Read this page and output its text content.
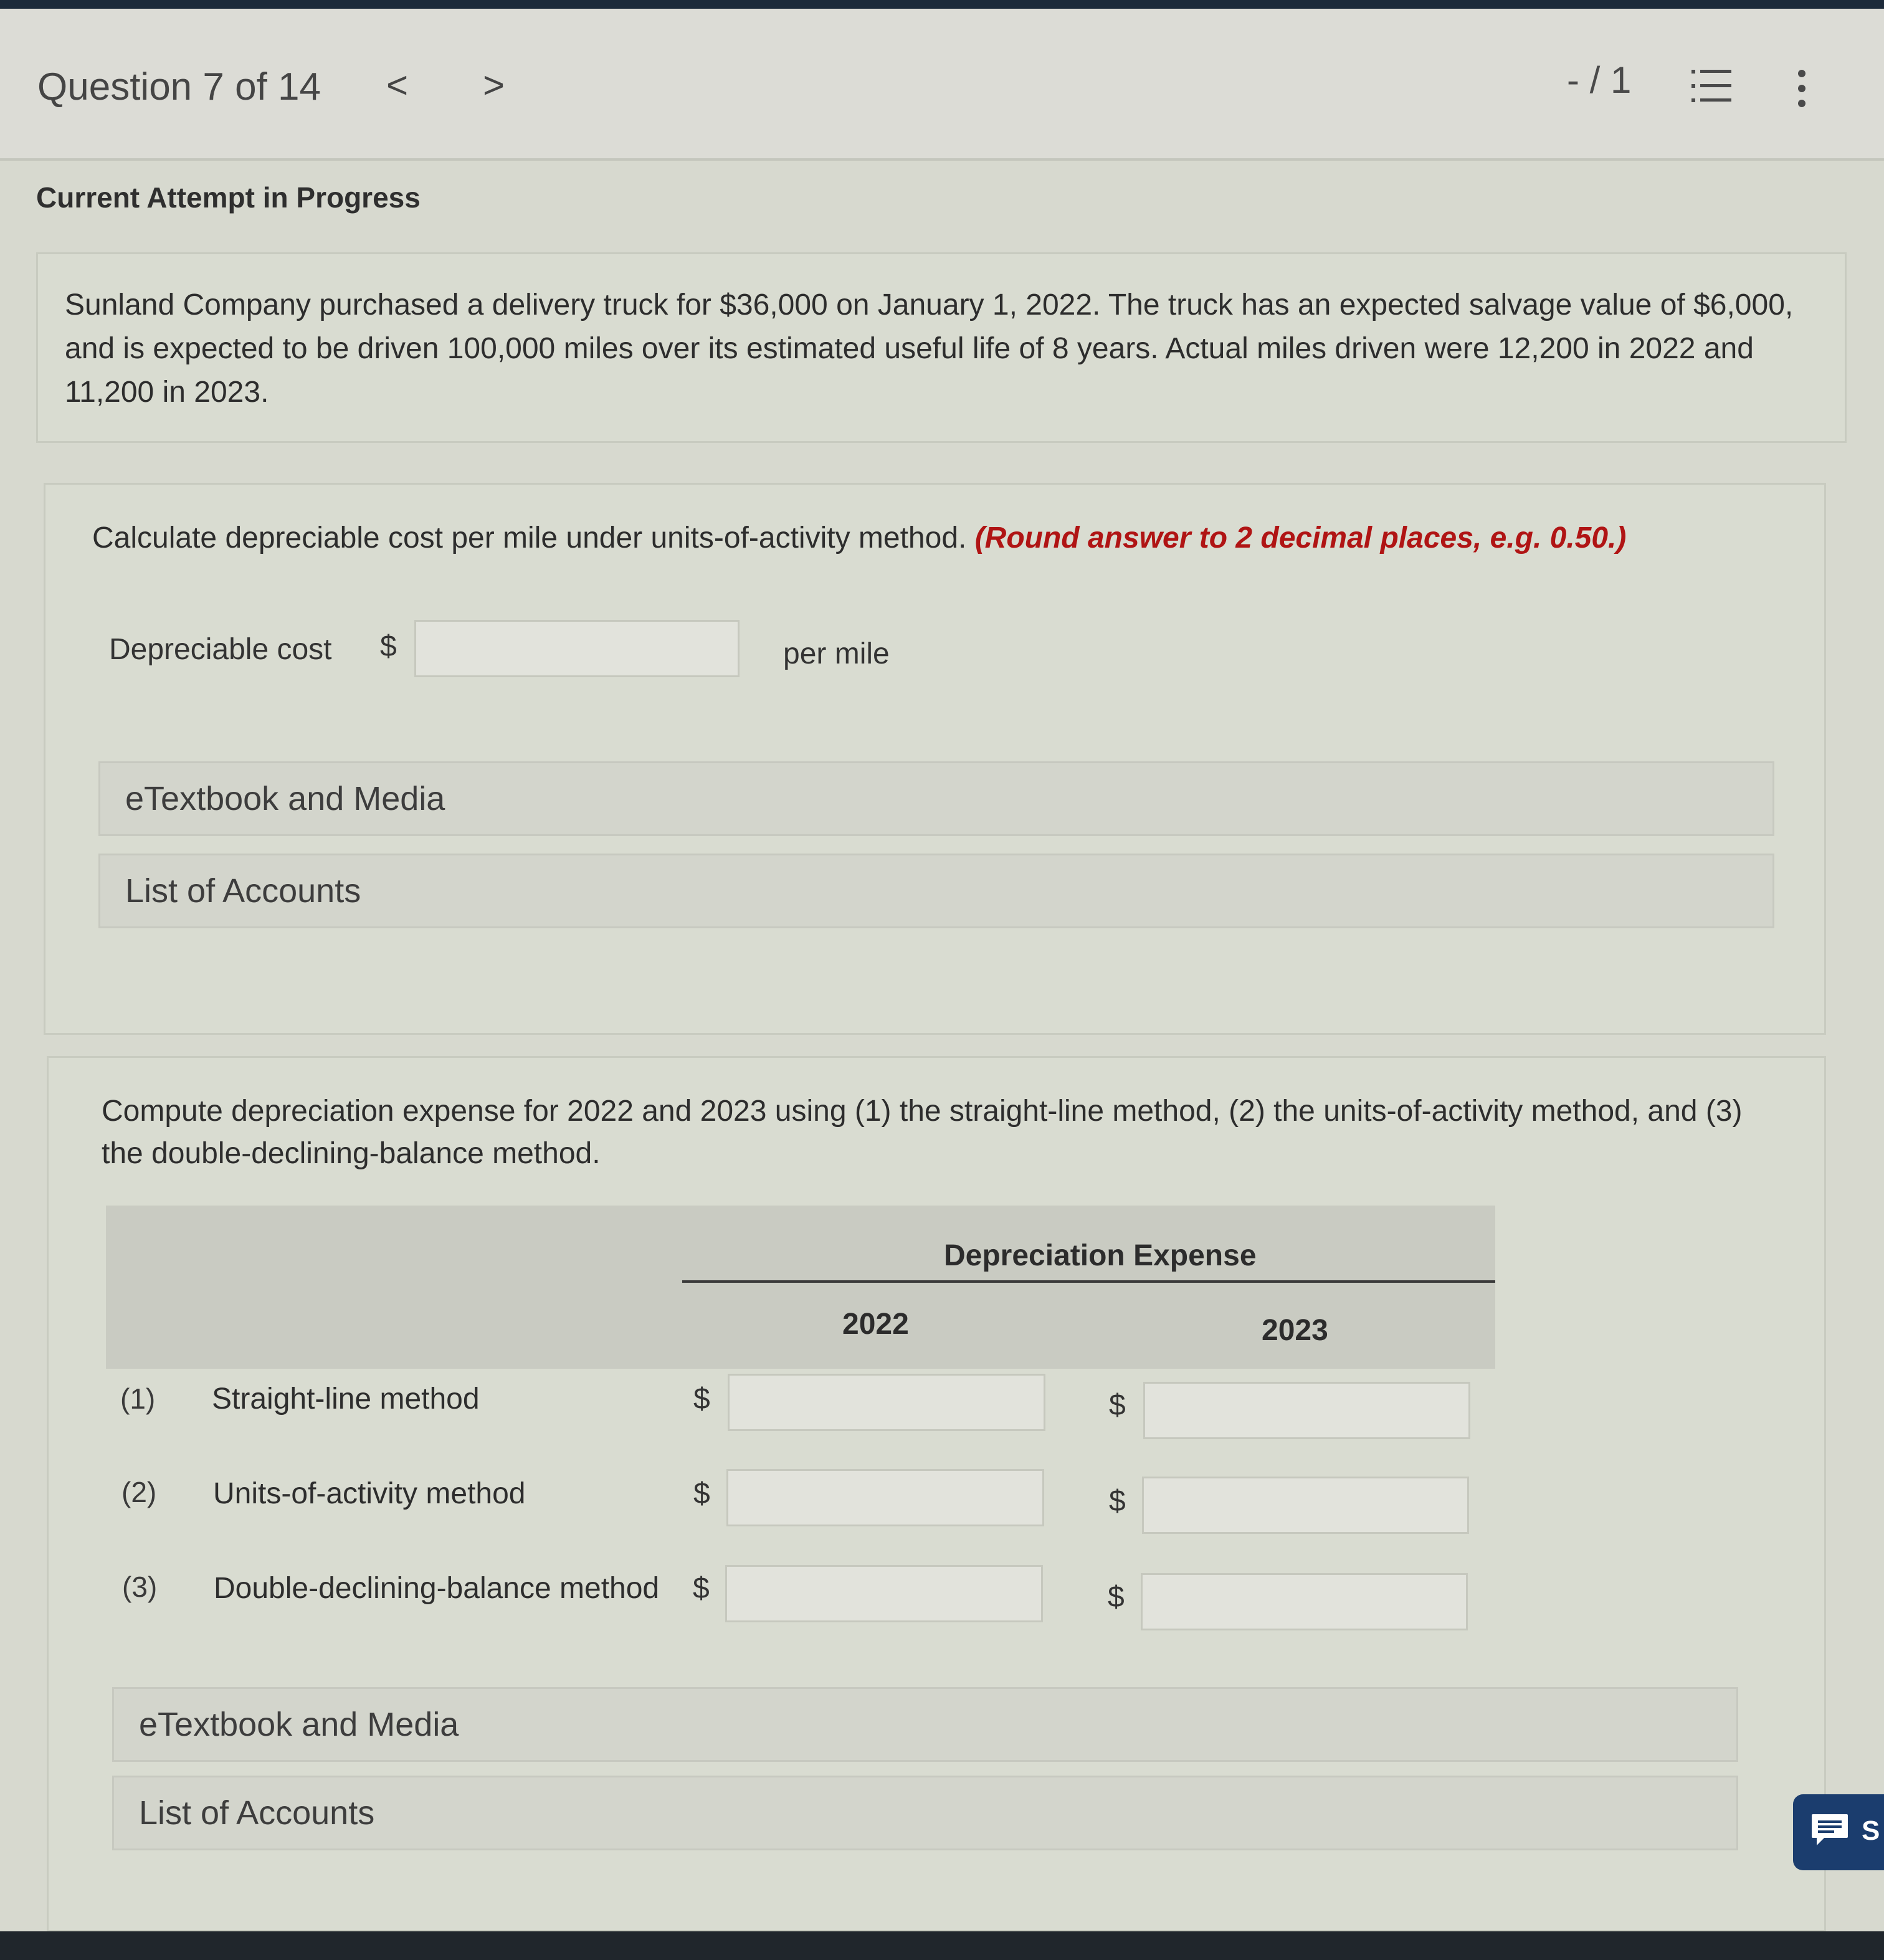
Question 7 of 14 < >	- / 1
Current Attempt in Progress
Sunland Company purchased a delivery truck for $36,000 on January 1, 2022. The truck has an expected salvage value of $6,000, and is expected to be driven 100,000 miles over its estimated useful life of 8 years. Actual miles driven were 12,200 in 2022 and 11,200 in 2023.
Calculate depreciable cost per mile under units-of-activity method. (Round answer to 2 decimal places, e.g. 0.50.)
Depreciable cost $	per mile
eTextbook and Media
List of Accounts
Compute depreciation expense for 2022 and 2023 using (1) the straight-line method, (2) the units-of-activity method, and (3) the double-declining-balance method.
Depreciation Expense
2022	2023
(1) Straight-line method	$	$
(2) Units-of-activity method	$	$
(3) Double-declining-balance method $	$
eTextbook and Media
List of Accounts	S
